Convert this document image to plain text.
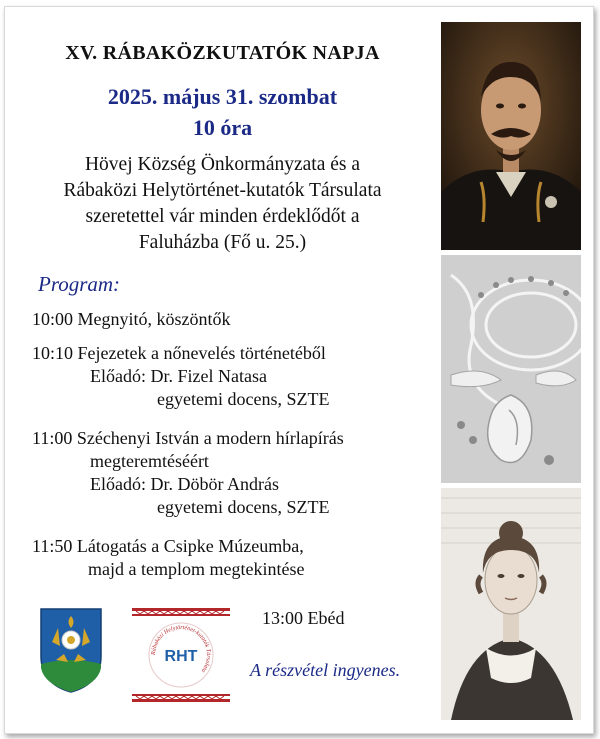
XV. RÁBAKÖZKUTATÓK NAPJA
2025. május 31. szombat
10 óra
Hövej Község Önkormányzata és a
Rábaközi Helytörténet-kutatók Társulata
szeretettel vár minden érdeklődőt a
Faluházba (Fő u. 25.)
Program:
10:00 Megnyitó, köszöntők
10:10 Fejezetek a nőnevelés történetéből
Előadó: Dr. Fizel Natasa
egyetemi docens, SZTE
11:00 Széchenyi István a modern hírlapírás
megteremtéséért
Előadó: Dr. Döbör András
egyetemi docens, SZTE
11:50 Látogatás a Csipke Múzeumba,
majd a templom megtekintése
13:00 Ebéd
A részvétel ingyenes.
RHT
Rábaközi Helytörténet-kutatók Társulata
